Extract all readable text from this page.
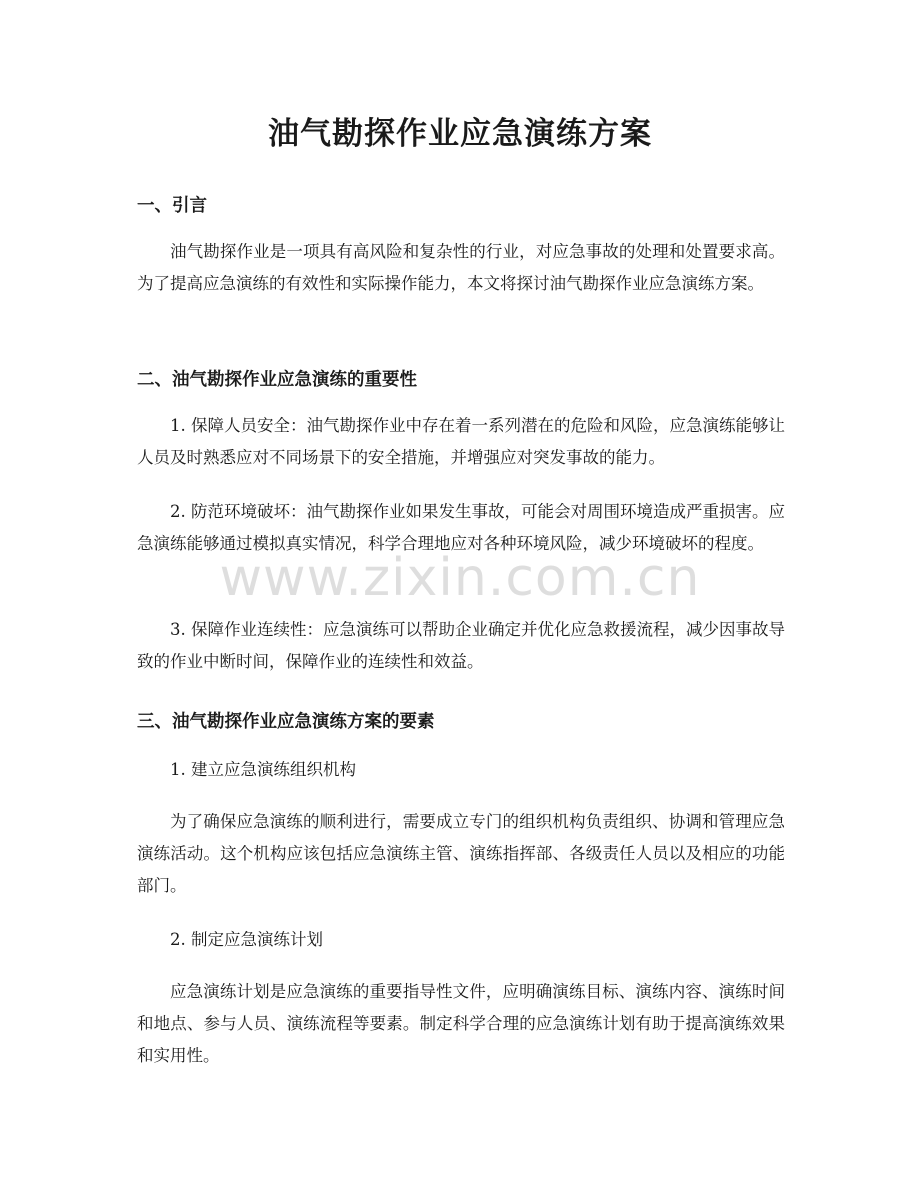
油气勘探作业应急演练方案
一、引言

油气勘探作业是一项具有高风险和复杂性的行业，对应急事故的处理和处置要求高。为了提高应急演练的有效性和实际操作能力，本文将探讨油气勘探作业应急演练方案。

二、油气勘探作业应急演练的重要性

1. 保障人员安全：油气勘探作业中存在着一系列潜在的危险和风险，应急演练能够让人员及时熟悉应对不同场景下的安全措施，并增强应对突发事故的能力。

2. 防范环境破坏：油气勘探作业如果发生事故，可能会对周围环境造成严重损害。应急演练能够通过模拟真实情况，科学合理地应对各种环境风险，减少环境破坏的程度。

3. 保障作业连续性：应急演练可以帮助企业确定并优化应急救援流程，减少因事故导致的作业中断时间，保障作业的连续性和效益。

三、油气勘探作业应急演练方案的要素

1. 建立应急演练组织机构

为了确保应急演练的顺利进行，需要成立专门的组织机构负责组织、协调和管理应急演练活动。这个机构应该包括应急演练主管、演练指挥部、各级责任人员以及相应的功能部门。

2. 制定应急演练计划

应急演练计划是应急演练的重要指导性文件，应明确演练目标、演练内容、演练时间和地点、参与人员、演练流程等要素。制定科学合理的应急演练计划有助于提高演练效果和实用性。

www.zixin.com.cn
